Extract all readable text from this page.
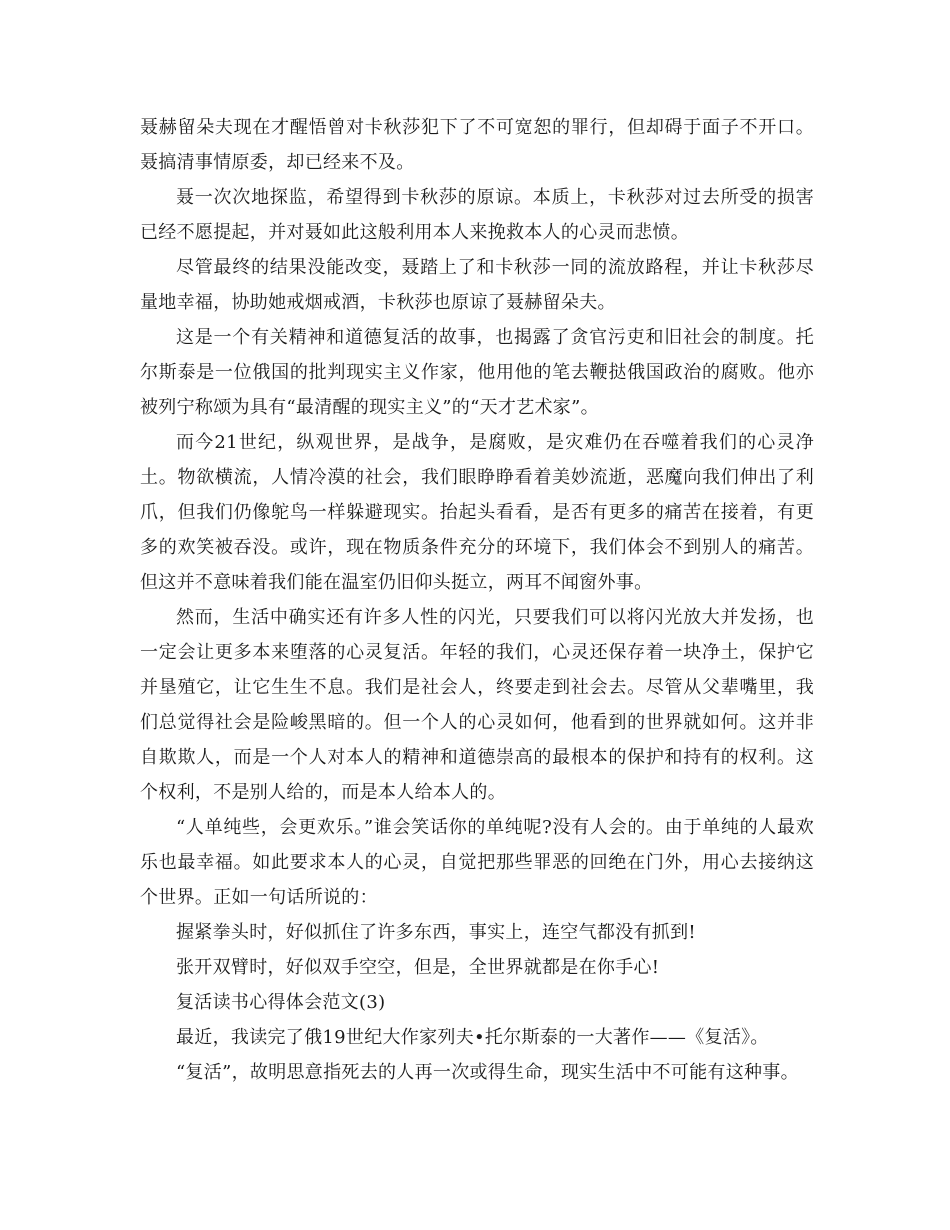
聂赫留朵夫现在才醒悟曾对卡秋莎犯下了不可宽恕的罪行，但却碍于面子不开口。聂搞清事情原委，却已经来不及。

聂一次次地探监，希望得到卡秋莎的原谅。本质上，卡秋莎对过去所受的损害已经不愿提起，并对聂如此这般利用本人来挽救本人的心灵而悲愤。

尽管最终的结果没能改变，聂踏上了和卡秋莎一同的流放路程，并让卡秋莎尽量地幸福，协助她戒烟戒酒，卡秋莎也原谅了聂赫留朵夫。

这是一个有关精神和道德复活的故事，也揭露了贪官污吏和旧社会的制度。托尔斯泰是一位俄国的批判现实主义作家，他用他的笔去鞭挞俄国政治的腐败。他亦被列宁称颂为具有“最清醒的现实主义”的“天才艺术家”。

而今21世纪，纵观世界，是战争，是腐败，是灾难仍在吞噬着我们的心灵净土。物欲横流，人情冷漠的社会，我们眼睁睁看着美妙流逝，恶魔向我们伸出了利爪，但我们仍像鸵鸟一样躲避现实。抬起头看看，是否有更多的痛苦在接着，有更多的欢笑被吞没。或许，现在物质条件充分的环境下，我们体会不到别人的痛苦。但这并不意味着我们能在温室仍旧仰头挺立，两耳不闻窗外事。

然而，生活中确实还有许多人性的闪光，只要我们可以将闪光放大并发扬，也一定会让更多本来堕落的心灵复活。年轻的我们，心灵还保存着一块净土，保护它并垦殖它，让它生生不息。我们是社会人，终要走到社会去。尽管从父辈嘴里，我们总觉得社会是险峻黑暗的。但一个人的心灵如何，他看到的世界就如何。这并非自欺欺人，而是一个人对本人的精神和道德崇高的最根本的保护和持有的权利。这个权利，不是别人给的，而是本人给本人的。

“人单纯些，会更欢乐。”谁会笑话你的单纯呢?没有人会的。由于单纯的人最欢乐也最幸福。如此要求本人的心灵，自觉把那些罪恶的回绝在门外，用心去接纳这个世界。正如一句话所说的：

握紧拳头时，好似抓住了许多东西，事实上，连空气都没有抓到!

张开双臂时，好似双手空空，但是，全世界就都是在你手心!

复活读书心得体会范文(3)

最近，我读完了俄19世纪大作家列夫•托尔斯泰的一大著作——《复活》。

“复活”，故明思意指死去的人再一次或得生命，现实生活中不可能有这种事。
